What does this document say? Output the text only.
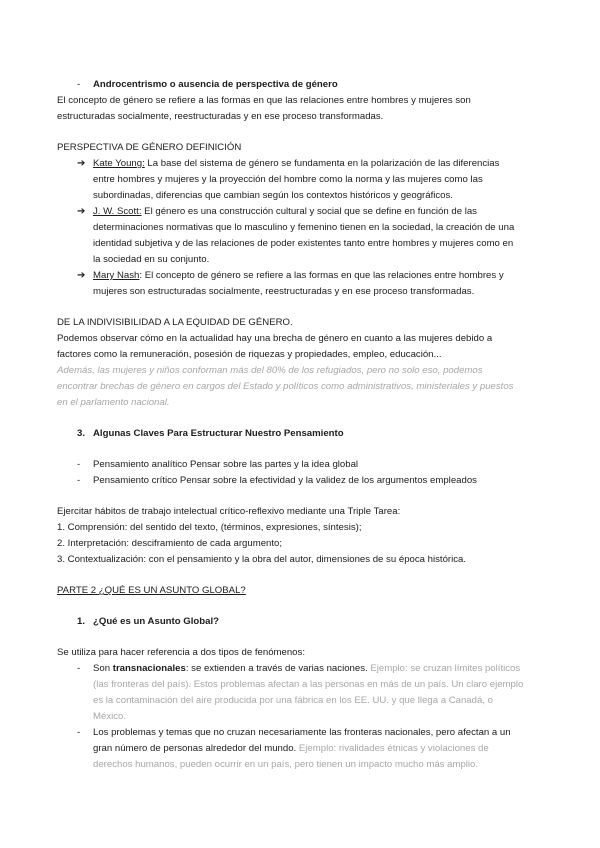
- Androcentrismo o ausencia de perspectiva de género
El concepto de género se refiere a las formas en que las relaciones entre hombres y mujeres son
estructuradas socialmente, reestructuradas y en ese proceso transformadas.
PERSPECTIVA DE GÉNERO DEFINICIÓN
➔ Kate Young: La base del sistema de género se fundamenta en la polarización de las diferencias
entre hombres y mujeres y la proyección del hombre como la norma y las mujeres como las
subordinadas, diferencias que cambian según los contextos históricos y geográficos.
➔ J. W. Scott: El género es una construcción cultural y social que se define en función de las
determinaciones normativas que lo masculino y femenino tienen en la sociedad, la creación de una
identidad subjetiva y de las relaciones de poder existentes tanto entre hombres y mujeres como en
la sociedad en su conjunto.
➔ Mary Nash: El concepto de género se refiere a las formas en que las relaciones entre hombres y
mujeres son estructuradas socialmente, reestructuradas y en ese proceso transformadas.
DE LA INDIVISIBILIDAD A LA EQUIDAD DE GÉNERO.
Podemos observar cómo en la actualidad hay una brecha de género en cuanto a las mujeres debido a
factores como la remuneración, posesión de riquezas y propiedades, empleo, educación...
Además, las mujeres y niños conforman más del 80% de los refugiados, pero no solo eso, podemos
encontrar brechas de género en cargos del Estado y políticos como administrativos, ministeriales y puestos
en el parlamento nacional.
3. Algunas Claves Para Estructurar Nuestro Pensamiento
- Pensamiento analítico Pensar sobre las partes y la idea global
- Pensamiento crítico Pensar sobre la efectividad y la validez de los argumentos empleados
Ejercitar hábitos de trabajo intelectual crítico-reflexivo mediante una Triple Tarea:
1. Comprensión: del sentido del texto, (términos, expresiones, síntesis);
2. Interpretación: desciframiento de cada argumento;
3. Contextualización: con el pensamiento y la obra del autor, dimensiones de su época histórica.
PARTE 2 ¿QUÉ ES UN ASUNTO GLOBAL?
1. ¿Qué es un Asunto Global?
Se utiliza para hacer referencia a dos tipos de fenómenos:
- Son transnacionales: se extienden a través de varias naciones. Ejemplo: se cruzan límites políticos
(las fronteras del país). Estos problemas afectan a las personas en más de un país. Un claro ejemplo
es la contaminación del aire producida por una fábrica en los EE. UU. y que llega a Canadá, o
México.
- Los problemas y temas que no cruzan necesariamente las fronteras nacionales, pero afectan a un
gran número de personas alrededor del mundo. Ejemplo: rivalidades étnicas y violaciones de
derechos humanos, pueden ocurrir en un país, pero tienen un impacto mucho más amplio.
